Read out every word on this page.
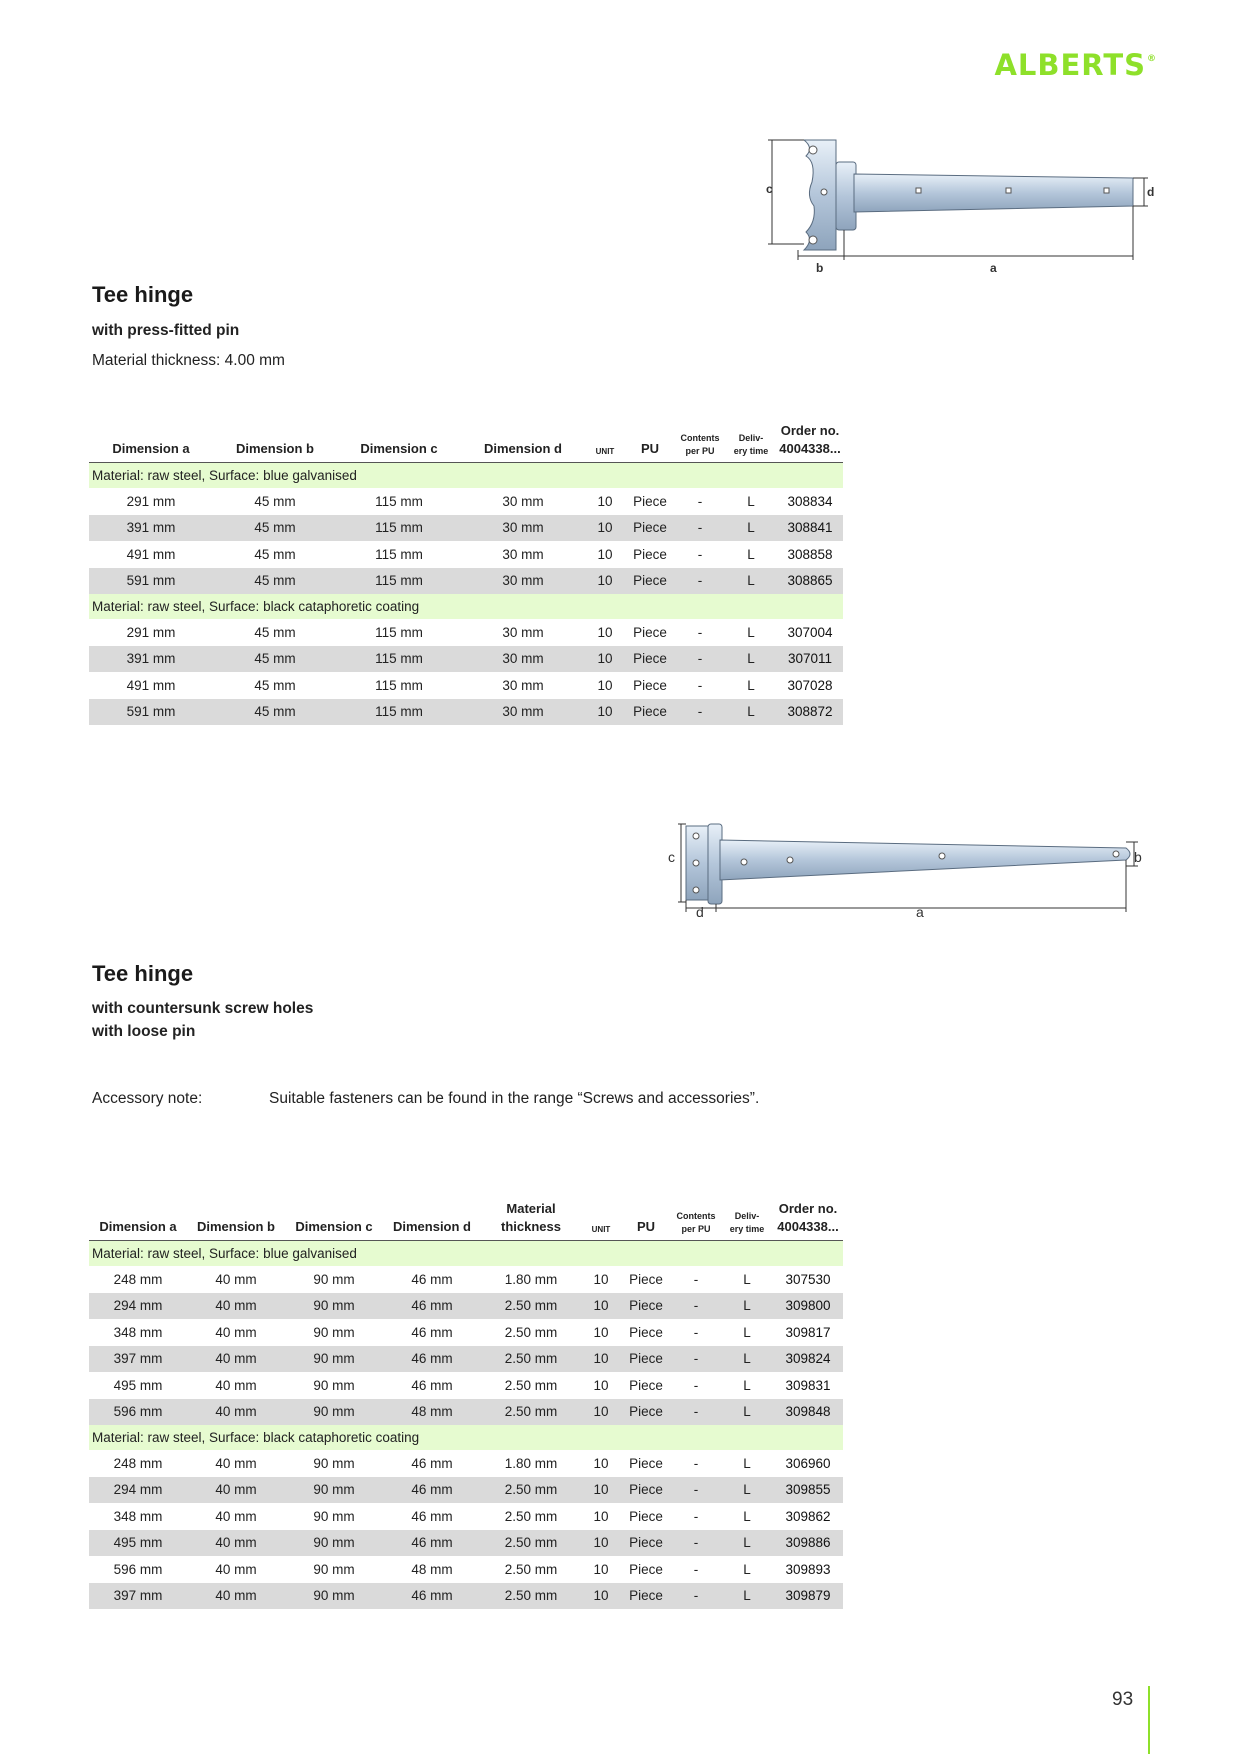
ALBERTS®
c	d
b	a
Tee hinge
with press-fitted pin
Material thickness: 4.00 mm
Dimension a	Dimension b	Dimension c	Dimension d	UNIT	PU	Contents
per PU	Deliv-
ery time	Order no.
4004338...
Material: raw steel, Surface: blue galvanised								
291 mm	45 mm	115 mm	30 mm	10	Piece	-	L	308834
391 mm	45 mm	115 mm	30 mm	10	Piece	-	L	308841
491 mm	45 mm	115 mm	30 mm	10	Piece	-	L	308858
591 mm	45 mm	115 mm	30 mm	10	Piece	-	L	308865
Material: raw steel, Surface: black cataphoretic coating								
291 mm	45 mm	115 mm	30 mm	10	Piece	-	L	307004
391 mm	45 mm	115 mm	30 mm	10	Piece	-	L	307011
491 mm	45 mm	115 mm	30 mm	10	Piece	-	L	307028
591 mm	45 mm	115 mm	30 mm	10	Piece	-	L	308872
c	b
d	a
Tee hinge
with countersunk screw holes
with loose pin
Accessory note:	Suitable fasteners can be found in the range “Screws and accessories”.
Dimension a	Dimension b	Dimension c	Dimension d	Material
thickness	UNIT	PU	Contents
per PU	Deliv-
ery time	Order no.
4004338...
Material: raw steel, Surface: blue galvanised									
248 mm	40 mm	90 mm	46 mm	1.80 mm	10	Piece	-	L	307530
294 mm	40 mm	90 mm	46 mm	2.50 mm	10	Piece	-	L	309800
348 mm	40 mm	90 mm	46 mm	2.50 mm	10	Piece	-	L	309817
397 mm	40 mm	90 mm	46 mm	2.50 mm	10	Piece	-	L	309824
495 mm	40 mm	90 mm	46 mm	2.50 mm	10	Piece	-	L	309831
596 mm	40 mm	90 mm	48 mm	2.50 mm	10	Piece	-	L	309848
Material: raw steel, Surface: black cataphoretic coating									
248 mm	40 mm	90 mm	46 mm	1.80 mm	10	Piece	-	L	306960
294 mm	40 mm	90 mm	46 mm	2.50 mm	10	Piece	-	L	309855
348 mm	40 mm	90 mm	46 mm	2.50 mm	10	Piece	-	L	309862
495 mm	40 mm	90 mm	46 mm	2.50 mm	10	Piece	-	L	309886
596 mm	40 mm	90 mm	48 mm	2.50 mm	10	Piece	-	L	309893
397 mm	40 mm	90 mm	46 mm	2.50 mm	10	Piece	-	L	309879
93
